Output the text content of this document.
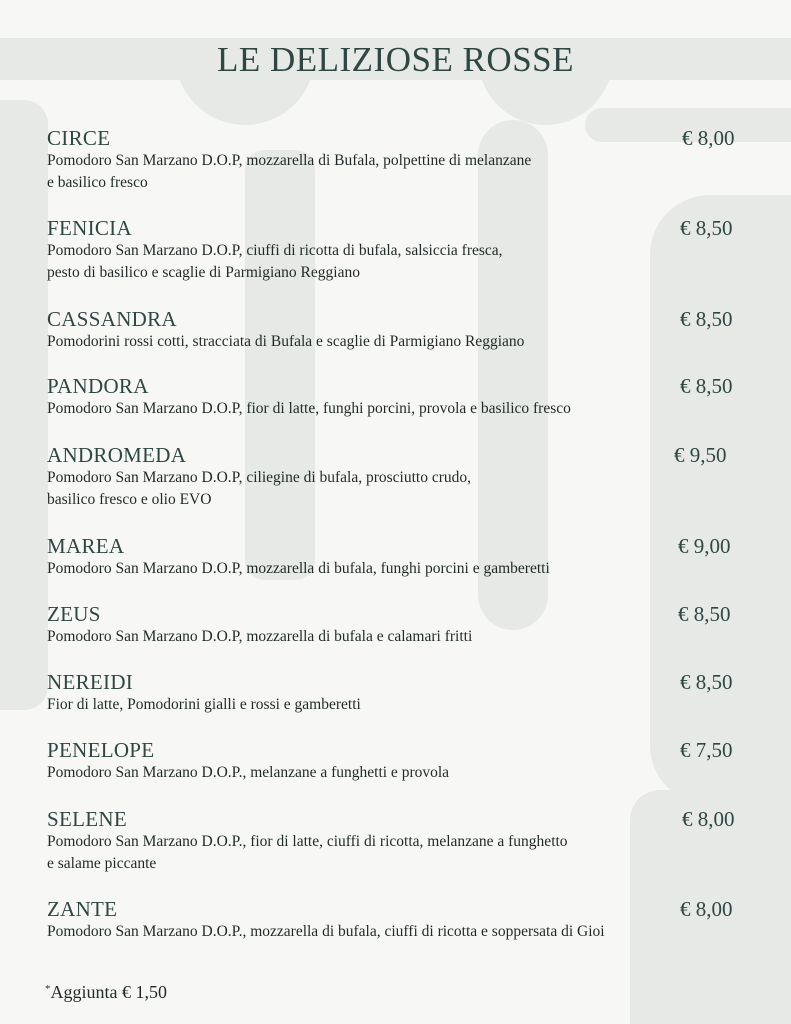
LE DELIZIOSE ROSSE
CIRCE	€ 8,00
Pomodoro San Marzano D.O.P, mozzarella di Bufala, polpettine di melanzane
e basilico fresco
FENICIA	€ 8,50
Pomodoro San Marzano D.O.P, ciuffi di ricotta di bufala, salsiccia fresca,
pesto di basilico e scaglie di Parmigiano Reggiano
CASSANDRA	€ 8,50
Pomodorini rossi cotti, stracciata di Bufala e scaglie di Parmigiano Reggiano
PANDORA	€ 8,50
Pomodoro San Marzano D.O.P, fior di latte, funghi porcini, provola e basilico fresco
ANDROMEDA	€ 9,50
Pomodoro San Marzano D.O.P, ciliegine di bufala, prosciutto crudo,
basilico fresco e olio EVO
MAREA	€ 9,00
Pomodoro San Marzano D.O.P, mozzarella di bufala, funghi porcini e gamberetti
ZEUS	€ 8,50
Pomodoro San Marzano D.O.P, mozzarella di bufala e calamari fritti
NEREIDI	€ 8,50
Fior di latte, Pomodorini gialli e rossi e gamberetti
PENELOPE	€ 7,50
Pomodoro San Marzano D.O.P., melanzane a funghetti e provola
SELENE	€ 8,00
Pomodoro San Marzano D.O.P., fior di latte, ciuffi di ricotta, melanzane a funghetto
e salame piccante
ZANTE	€ 8,00
Pomodoro San Marzano D.O.P., mozzarella di bufala, ciuffi di ricotta e soppersata di Gioi
*Aggiunta € 1,50
